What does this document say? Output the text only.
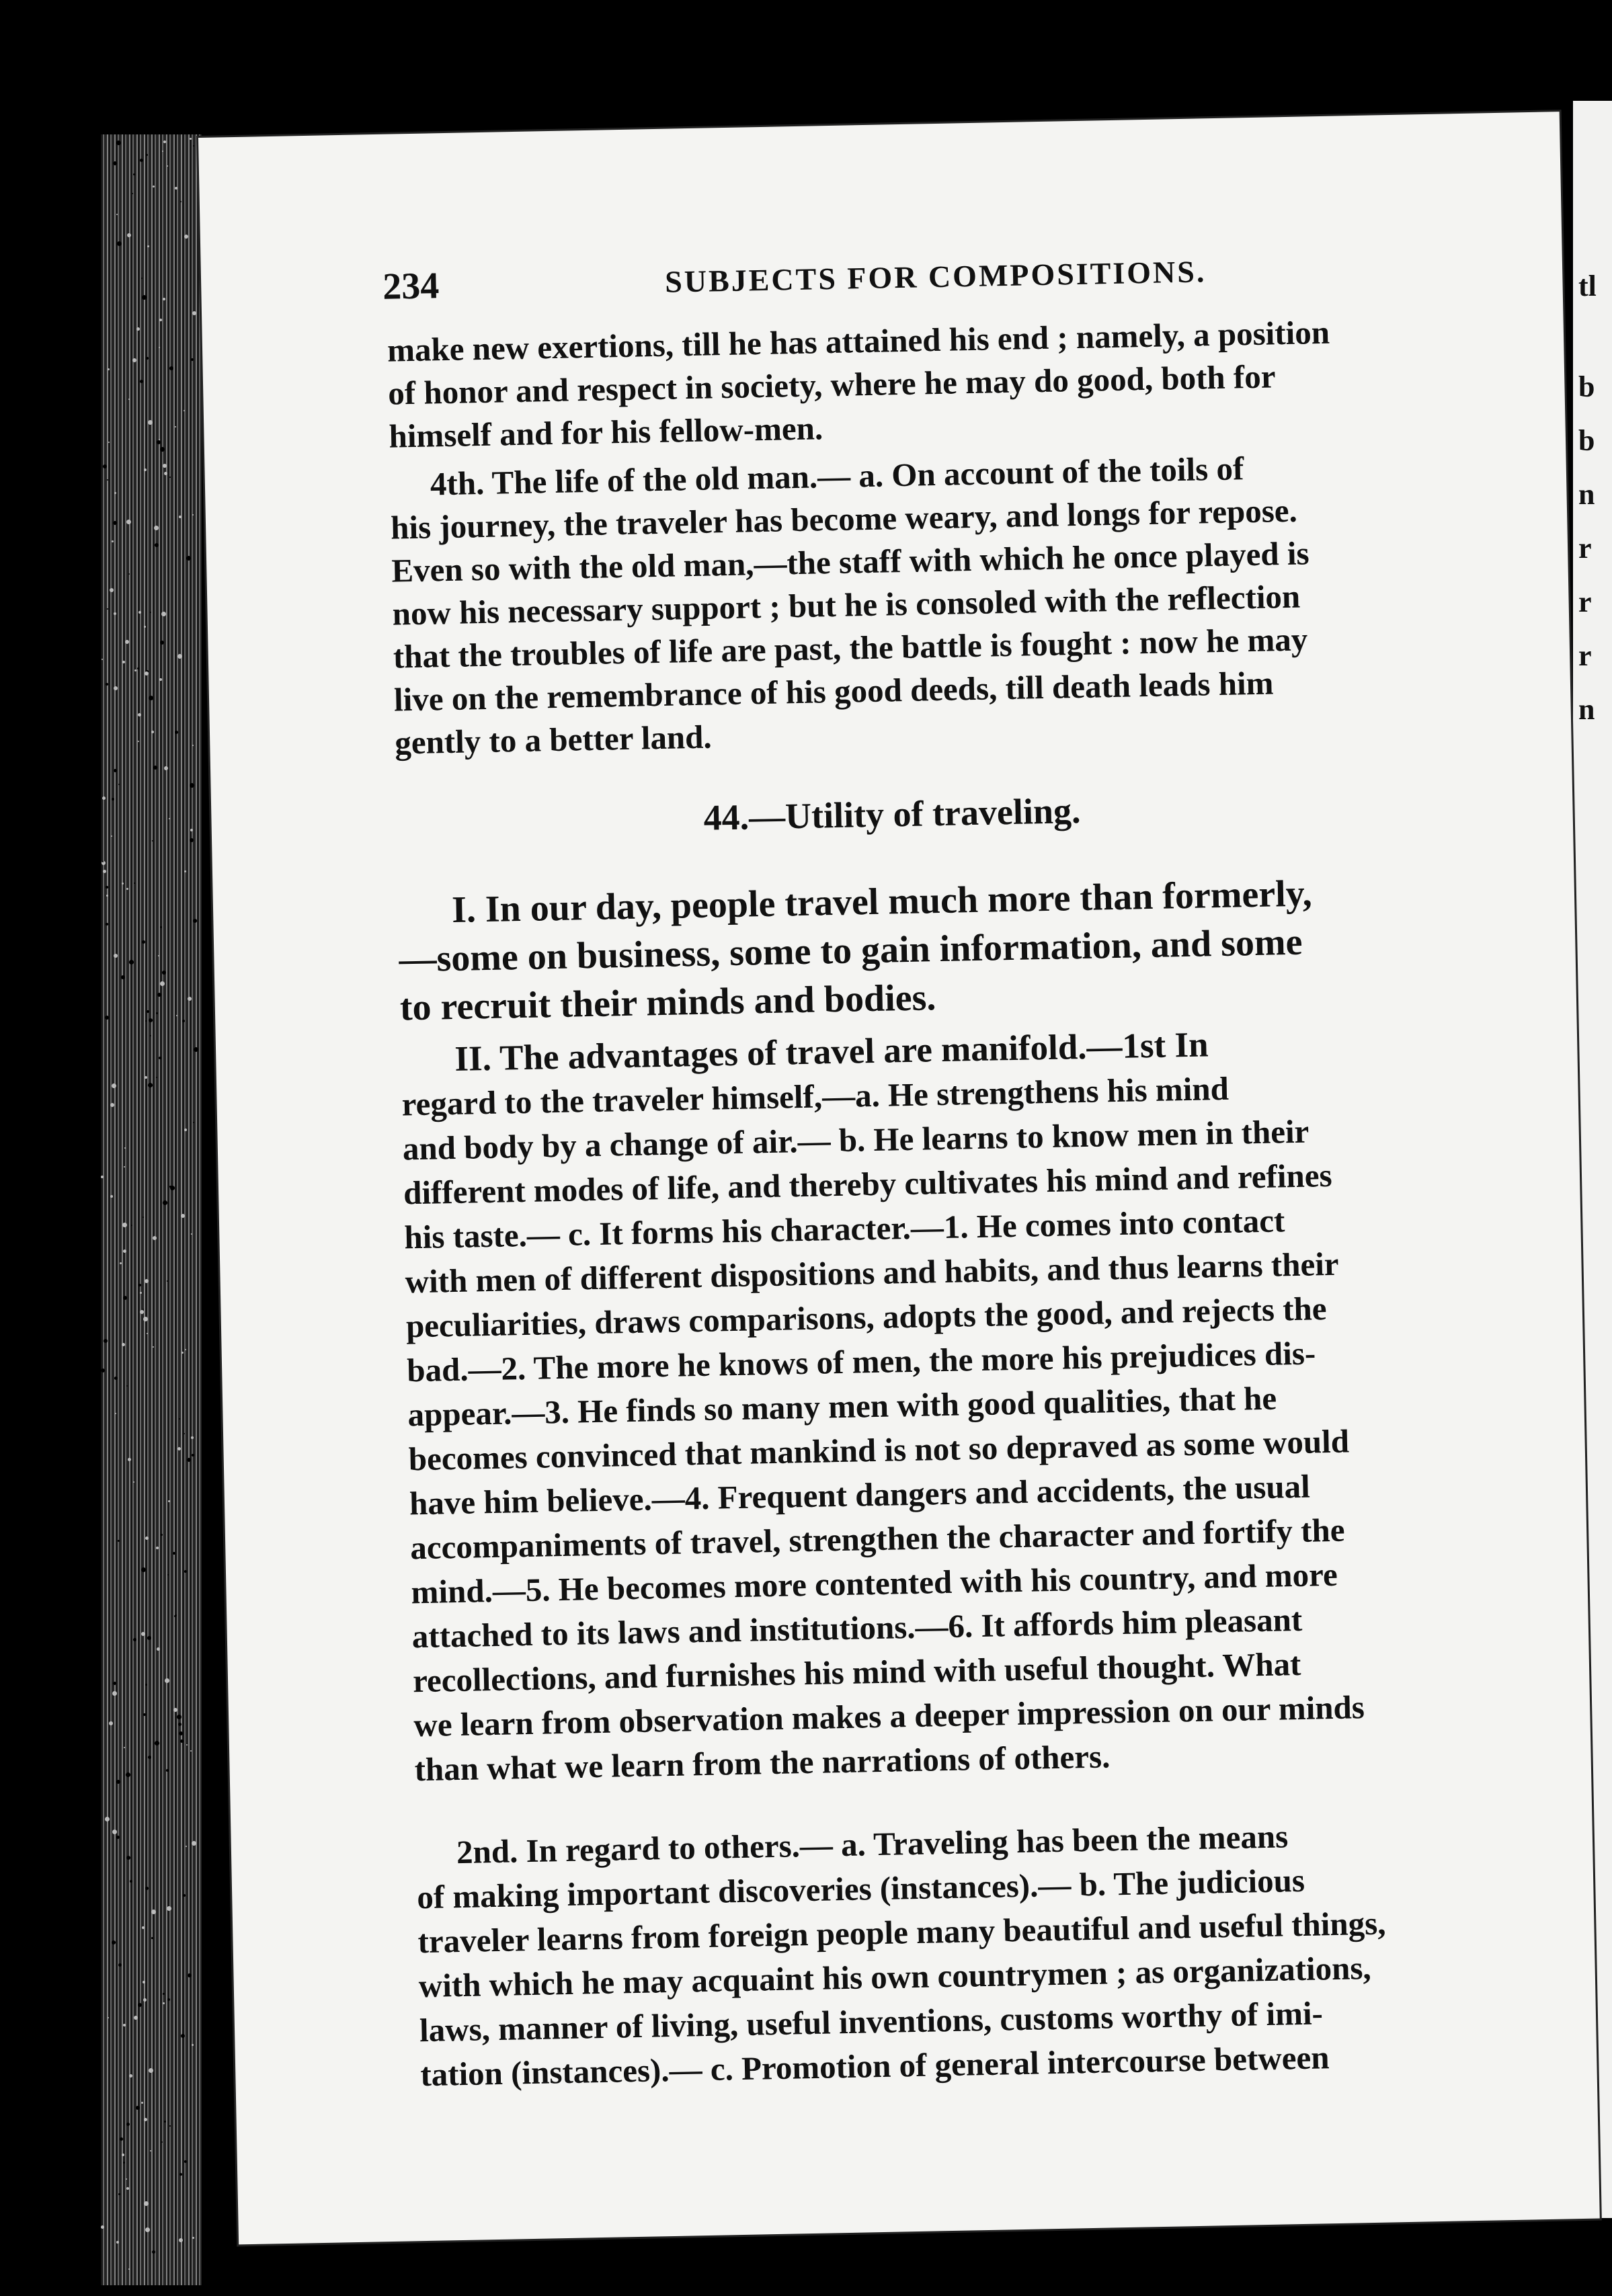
tl
b
b
n
r
r
r
n
234	SUBJECTS FOR COMPOSITIONS.
make new exertions, till he has attained his end ; namely, a position
of honor and respect in society, where he may do good, both for
himself and for his fellow-men.
4th. The life of the old man.— a. On account of the toils of
his journey, the traveler has become weary, and longs for repose.
Even so with the old man,—the staff with which he once played is
now his necessary support ; but he is consoled with the reflection
that the troubles of life are past, the battle is fought : now he may
live on the remembrance of his good deeds, till death leads him
gently to a better land.
44.—Utility of traveling.
I. In our day, people travel much more than formerly,
—some on business, some to gain information, and some
to recruit their minds and bodies.
II. The advantages of travel are manifold.—1st In
regard to the traveler himself,—a. He strengthens his mind
and body by a change of air.— b. He learns to know men in their
different modes of life, and thereby cultivates his mind and refines
his taste.— c. It forms his character.—1. He comes into contact
with men of different dispositions and habits, and thus learns their
peculiarities, draws comparisons, adopts the good, and rejects the
bad.—2. The more he knows of men, the more his prejudices dis-
appear.—3. He finds so many men with good qualities, that he
becomes convinced that mankind is not so depraved as some would
have him believe.—4. Frequent dangers and accidents, the usual
accompaniments of travel, strengthen the character and fortify the
mind.—5. He becomes more contented with his country, and more
attached to its laws and institutions.—6. It affords him pleasant
recollections, and furnishes his mind with useful thought. What
we learn from observation makes a deeper impression on our minds
than what we learn from the narrations of others.
2nd. In regard to others.— a. Traveling has been the means
of making important discoveries (instances).— b. The judicious
traveler learns from foreign people many beautiful and useful things,
with which he may acquaint his own countrymen ; as organizations,
laws, manner of living, useful inventions, customs worthy of imi-
tation (instances).— c. Promotion of general intercourse between
